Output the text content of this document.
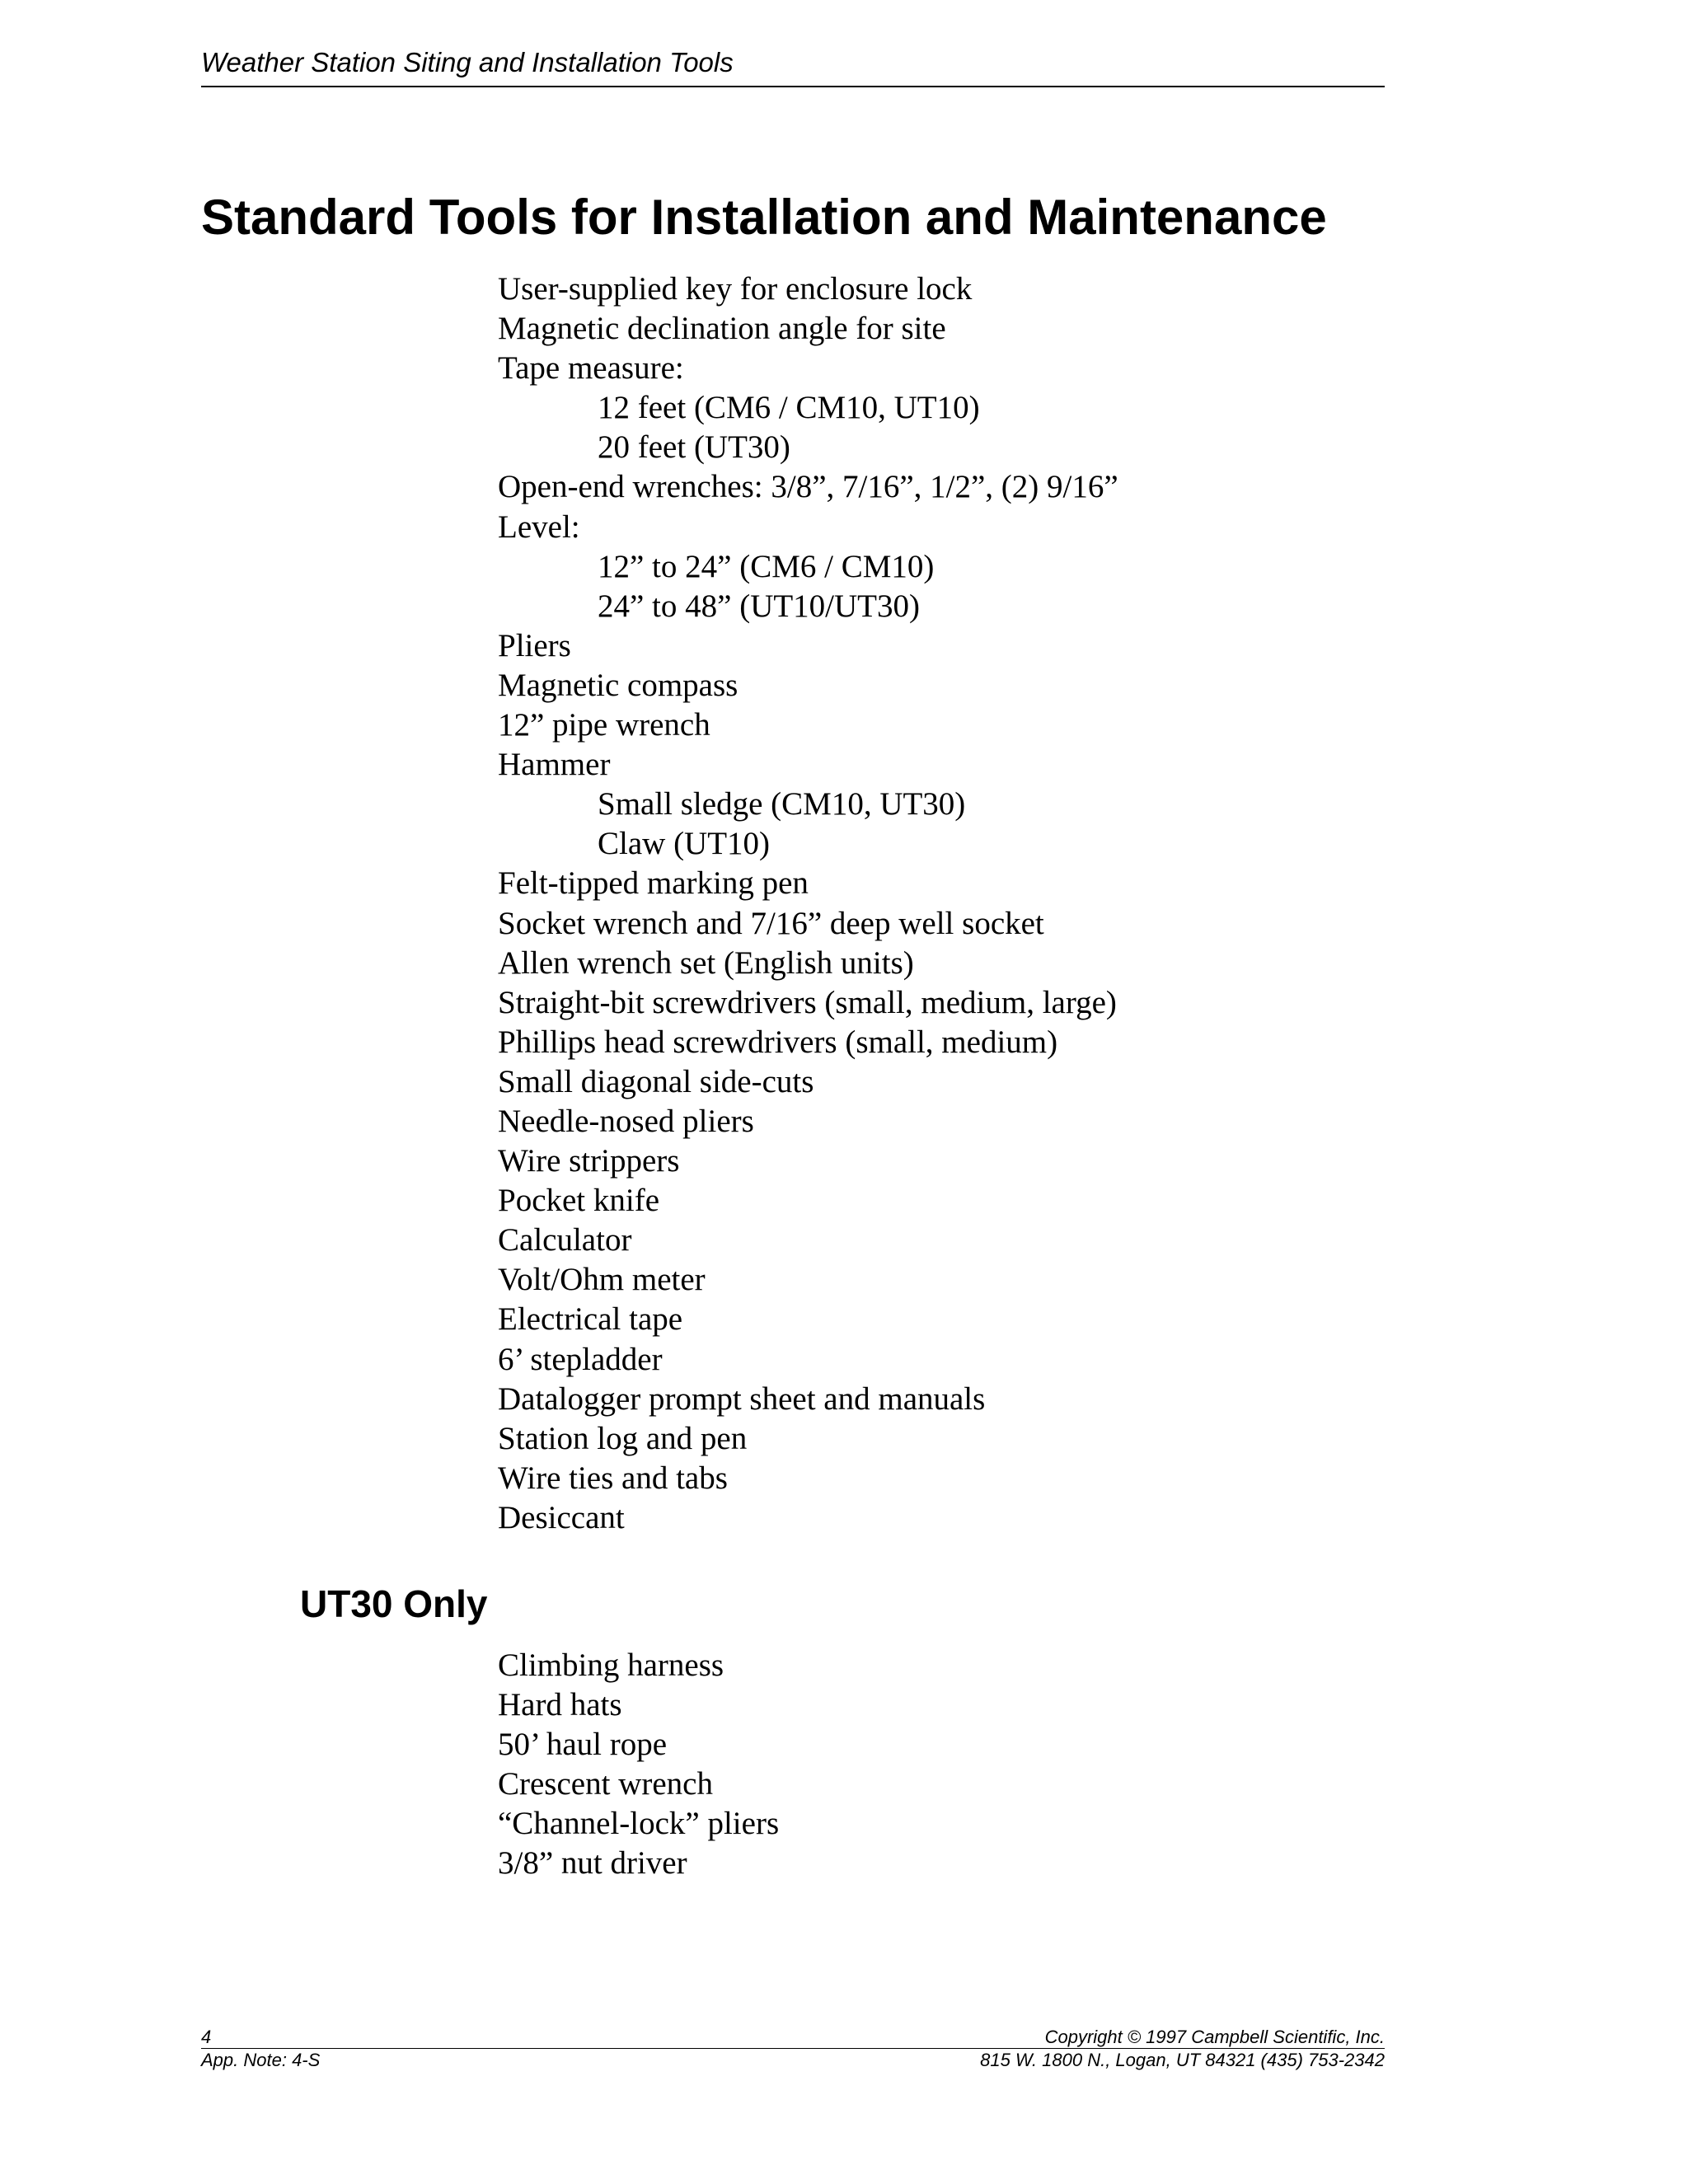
Weather Station Siting and Installation Tools
Standard Tools for Installation and Maintenance
User-supplied key for enclosure lock
Magnetic declination angle for site
Tape measure:
12 feet (CM6 / CM10, UT10)
20 feet (UT30)
Open-end wrenches: 3/8”, 7/16”, 1/2”, (2) 9/16”
Level:
12” to 24” (CM6 / CM10)
24” to 48” (UT10/UT30)
Pliers
Magnetic compass
12” pipe wrench
Hammer
Small sledge (CM10, UT30)
Claw (UT10)
Felt-tipped marking pen
Socket wrench and 7/16” deep well socket
Allen wrench set (English units)
Straight-bit screwdrivers (small, medium, large)
Phillips head screwdrivers (small, medium)
Small diagonal side-cuts
Needle-nosed pliers
Wire strippers
Pocket knife
Calculator
Volt/Ohm meter
Electrical tape
6’ stepladder
Datalogger prompt sheet and manuals
Station log and pen
Wire ties and tabs
Desiccant
UT30 Only
Climbing harness
Hard hats
50’ haul rope
Crescent wrench
“Channel-lock” pliers
3/8” nut driver
4	Copyright © 1997 Campbell Scientific, Inc.
App. Note: 4-S	815 W. 1800 N., Logan, UT 84321 (435) 753-2342
